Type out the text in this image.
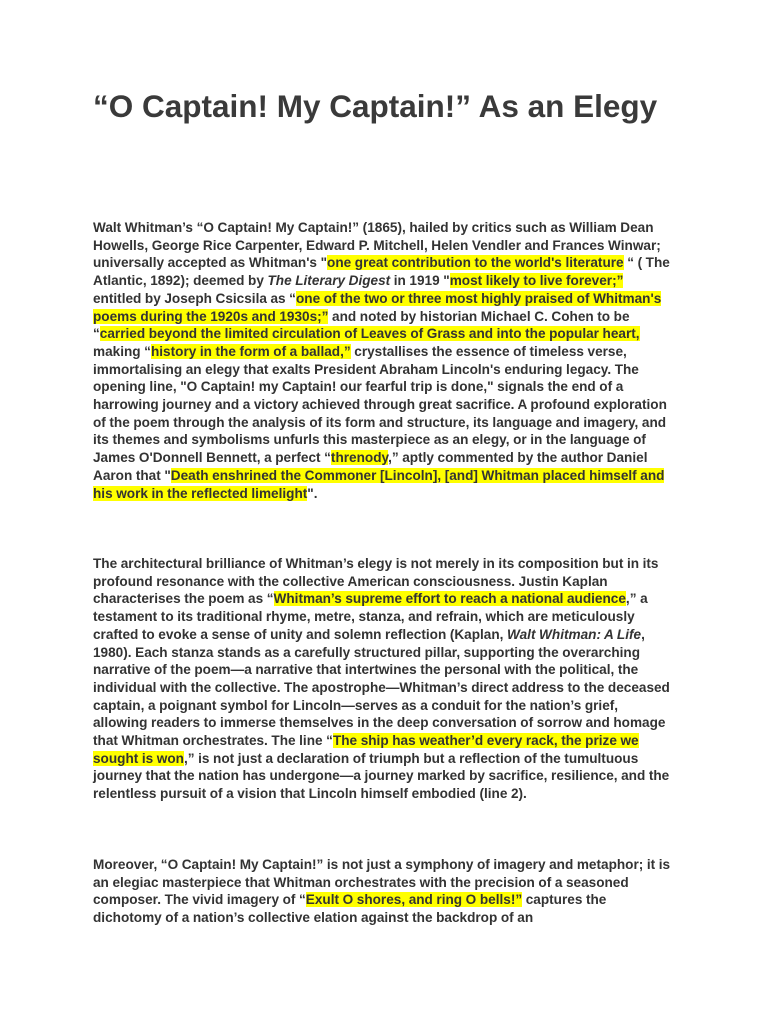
“O Captain! My Captain!” As an Elegy

Walt Whitman’s “O Captain! My Captain!” (1865), hailed by critics such as William Dean Howells, George Rice Carpenter, Edward P. Mitchell, Helen Vendler and Frances Winwar; universally accepted as Whitman's "one great contribution to the world's literature “ ( The Atlantic, 1892); deemed by The Literary Digest in 1919 "most likely to live forever;” entitled by Joseph Csicsila as “one of the two or three most highly praised of Whitman's poems during the 1920s and 1930s;” and noted by historian Michael C. Cohen to be “carried beyond the limited circulation of Leaves of Grass and into the popular heart, making “history in the form of a ballad,” crystallises the essence of timeless verse, immortalising an elegy that exalts President Abraham Lincoln's enduring legacy. The opening line, "O Captain! my Captain! our fearful trip is done," signals the end of a harrowing journey and a victory achieved through great sacrifice. A profound exploration of the poem through the analysis of its form and structure, its language and imagery, and its themes and symbolisms unfurls this masterpiece as an elegy, or in the language of James O'Donnell Bennett, a perfect “threnody,” aptly commented by the author Daniel Aaron that "Death enshrined the Commoner [Lincoln], [and] Whitman placed himself and his work in the reflected limelight".

The architectural brilliance of Whitman’s elegy is not merely in its composition but in its profound resonance with the collective American consciousness. Justin Kaplan characterises the poem as “Whitman’s supreme effort to reach a national audience,” a testament to its traditional rhyme, metre, stanza, and refrain, which are meticulously crafted to evoke a sense of unity and solemn reflection (Kaplan, Walt Whitman: A Life, 1980). Each stanza stands as a carefully structured pillar, supporting the overarching narrative of the poem—a narrative that intertwines the personal with the political, the individual with the collective. The apostrophe—Whitman’s direct address to the deceased captain, a poignant symbol for Lincoln—serves as a conduit for the nation’s grief, allowing readers to immerse themselves in the deep conversation of sorrow and homage that Whitman orchestrates. The line “The ship has weather’d every rack, the prize we sought is won,” is not just a declaration of triumph but a reflection of the tumultuous journey that the nation has undergone—a journey marked by sacrifice, resilience, and the relentless pursuit of a vision that Lincoln himself embodied (line 2).

Moreover, “O Captain! My Captain!” is not just a symphony of imagery and metaphor; it is an elegiac masterpiece that Whitman orchestrates with the precision of a seasoned composer. The vivid imagery of “Exult O shores, and ring O bells!” captures the dichotomy of a nation’s collective elation against the backdrop of an
